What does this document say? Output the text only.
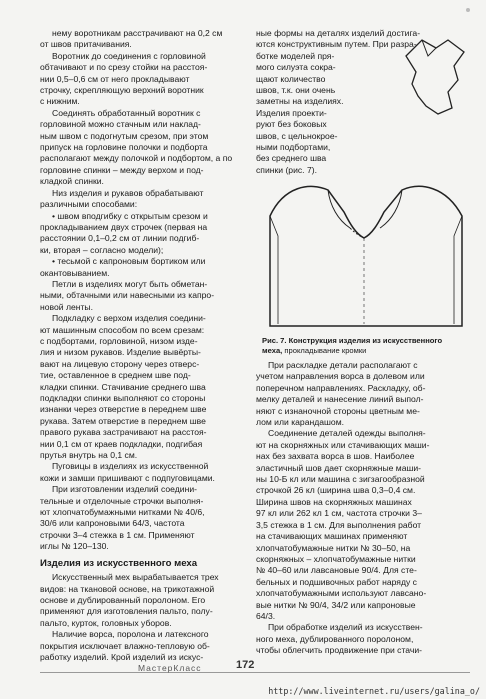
нему воротникам расстрачивают на 0,2 см
от швов притачивания.

Воротник до соединения с горловиной
обтачивают и по срезу стойки на расстоя-
нии 0,5–0,6 см от него прокладывают
строчку, скрепляющую верхний воротник
с нижним.

Соединять обработанный воротник с
горловиной можно стачным или наклад-
ным швом с подогнутым срезом, при этом
припуск на горловине полочки и подборта
располагают между полочкой и подбортом, а по
горловине спинки – между верхом и под-
кладкой спинки.

Низ изделия и рукавов обрабатывают
различными способами:

• швом вподгибку с открытым срезом и
прокладыванием двух строчек (первая на
расстоянии 0,1–0,2 см от линии подгиб-
ки, вторая – согласно модели);

• тесьмой с капроновым бортиком или
окантовыванием.

Петли в изделиях могут быть обметан-
ными, обтачными или навесными из капро-
новой ленты.

Подкладку с верхом изделия соедини-
ют машинным способом по всем срезам:
с подбортами, горловиной, низом изде-
лия и низом рукавов. Изделие вывёрты-
вают на лицевую сторону через отверс-
тие, оставленное в среднем шве под-
кладки спинки. Стачивание среднего шва
подкладки спинки выполняют со стороны
изнанки через отверстие в переднем шве
рукава. Затем отверстие в переднем шве
правого рукава застрачивают на расстоя-
нии 0,1 см от краев подкладки, подгибая
прутья внутрь на 0,1 см.

Пуговицы в изделиях из искусственной
кожи и замши пришивают с подпуговицами.

При изготовлении изделий соедини-
тельные и отделочные строчки выполня-
ют хлопчатобумажными нитками № 40/6,
30/6 или капроновыми 64/3, частота
строчки 3–4 стежка в 1 см. Применяют
иглы № 120–130.

Изделия из искусственного меха

Искусственный мех вырабатывается трех
видов: на ткановой основе, на трикотажной
основе и дублированный поролоном. Его
применяют для изготовления пальто, полу-
пальто, курток, головных уборов.

Наличие ворса, поролона и латексного
покрытия исключает влажно-тепловую об-
работку изделий. Крой изделий из искус-

ные формы на деталях изделий достига-
ются конструктивным путем. При разра-
ботке моделей пря-
мого силуэта сокра-
щают количество
швов, т.к. они очень
заметны на изделиях.
Изделия проекти-
руют без боковых
швов, с цельнокрое-
ными подбортами,
без среднего шва
спинки (рис. 7).
Рис. 7. Конструкция изделия из искусственного меха, прокладывание кромки

При раскладке детали располагают с
учетом направления ворса в долевом или
поперечном направлениях. Раскладку, об-
мелку деталей и нанесение линий выпол-
няют с изнаночной стороны цветным ме-
лом или карандашом.

Соединение деталей одежды выполня-
ют на скорняжных или стачивающих маши-
нах без захвата ворса в шов. Наиболее
эластичный шов дает скорняжные маши-
ны 10-Б кл или машина с зигзагообразной
строчкой 26 кл (ширина шва 0,3–0,4 см.
Ширина швов на скорняжных машинах
97 кл или 262 кл 1 см, частота строчки 3–
3,5 стежка в 1 см. Для выполнения работ
на стачивающих машинах применяют
хлопчатобумажные нитки № 30–50, на
скорняжных – хлопчатобумажные нитки
№ 40–60 или лавсановые 90/4. Для сте-
бельных и подшивочных работ наряду с
хлопчатобумажными используют лавсано-
вые нитки № 90/4, 34/2 или капроновые
64/3.

При обработке изделий из искусствен-
ного меха, дублированного поролоном,
чтобы облегчить продвижение при стачи-

МастерКласс	172
http://www.liveinternet.ru/users/galina_o/
